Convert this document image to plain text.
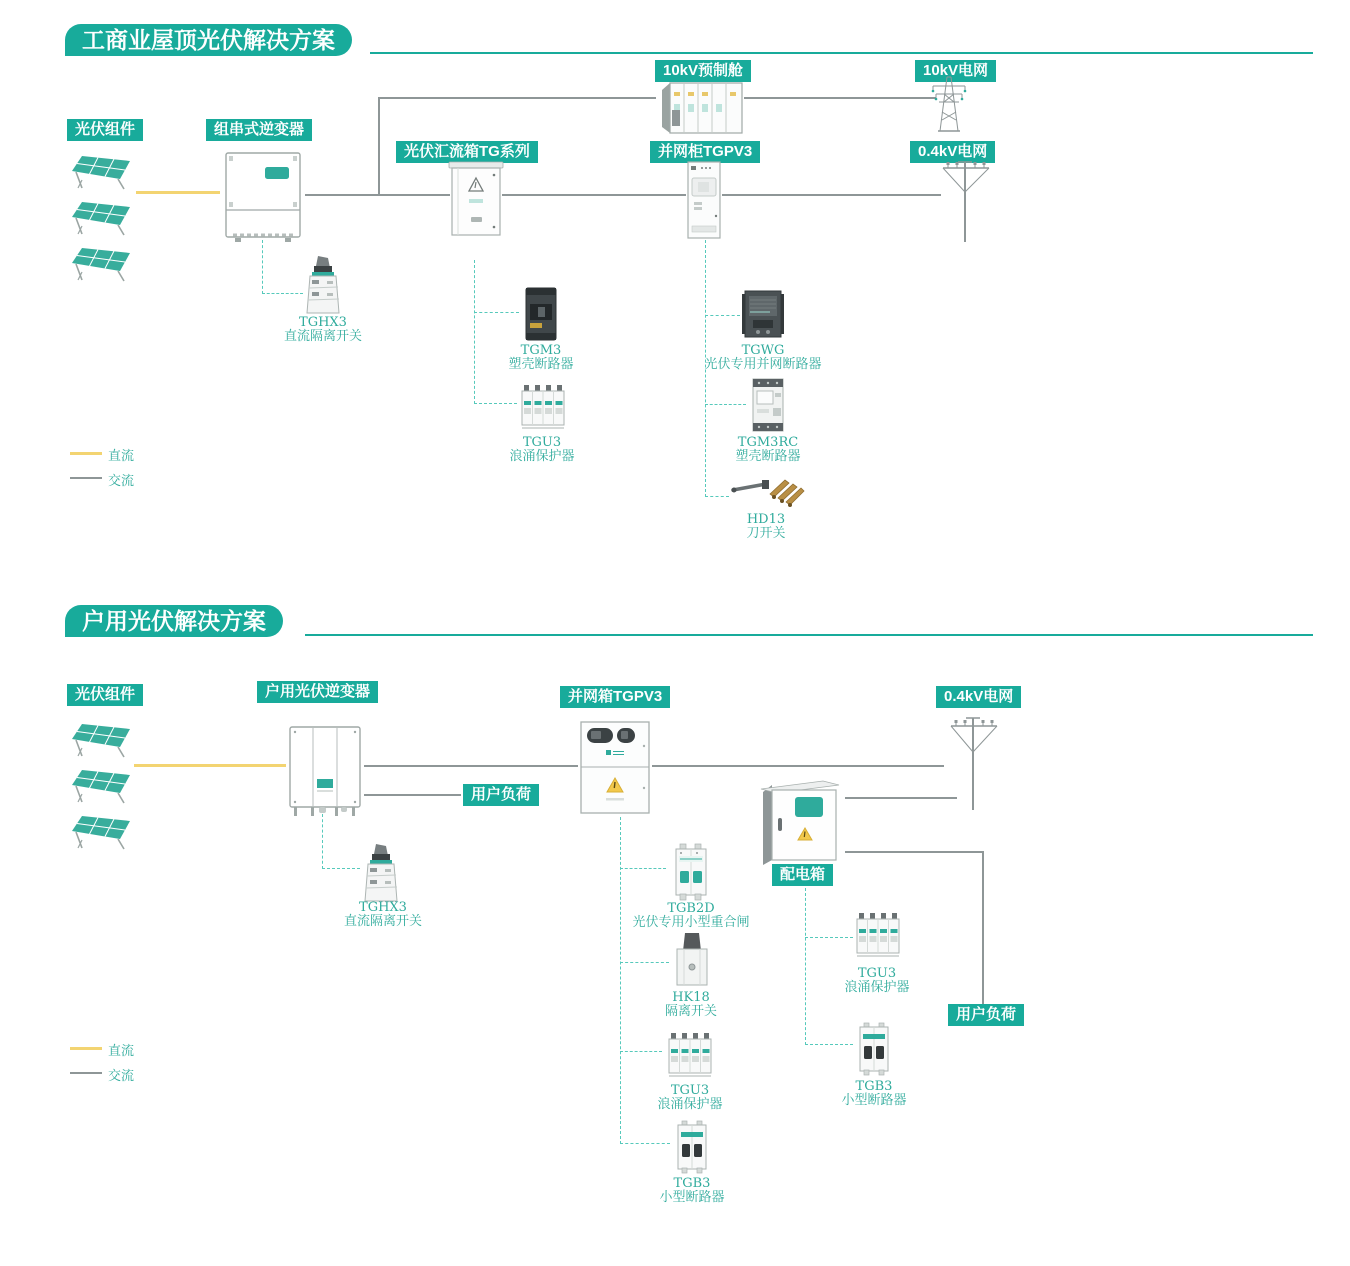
工商业屋顶光伏解决方案
光伏组件	组串式逆变器
光伏汇流箱TG系列	并网柜TGPV3
10kV预制舱	10kV电网
0.4kV电网
TGHX3
直流隔离开关
TGM3
塑壳断路器
TGU3
浪涌保护器
TGWG
光伏专用并网断路器
TGM3RC
塑壳断路器
HD13
刀开关
直流
交流
户用光伏解决方案
光伏组件	户用光伏逆变器	并网箱TGPV3	0.4kV电网
用户负荷
配电箱
用户负荷
TGHX3
直流隔离开关
TGB2D
光伏专用小型重合闸
HK18
隔离开关
TGU3
浪涌保护器
TGB3
小型断路器
TGU3
浪涌保护器
TGB3
小型断路器
直流
交流
